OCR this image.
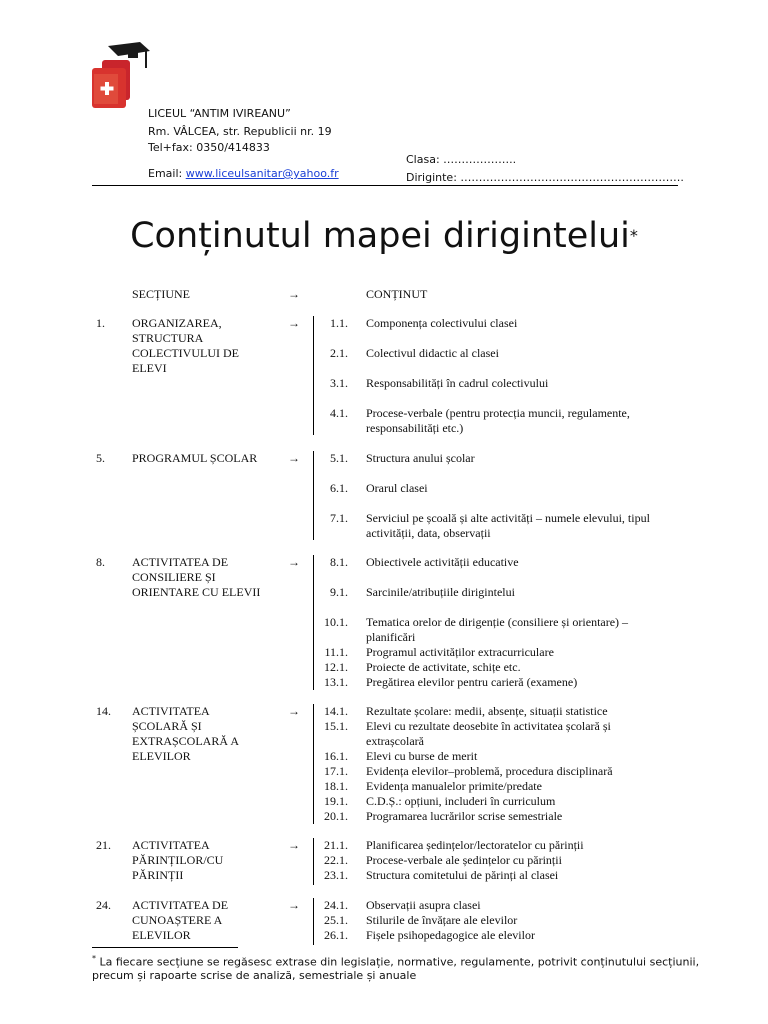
LICEUL “ANTIM IVIREANU”
Rm. VÂLCEA, str. Republicii nr. 19
Tel+fax: 0350/414833
Email: www.liceulsanitar@yahoo.fr
Clasa: ………………..
Diriginte: …………………………………………………….
Conținutul mapei dirigintelui*
SECȚIUNE	→	CONȚINUT
1. ORGANIZAREA,
STRUCTURA
COLECTIVULUI DE
ELEVI
→	1.1. Componența colectivului clasei
2.1. Colectivul didactic al clasei
3.1. Responsabilități în cadrul colectivului
4.1. Procese-verbale (pentru protecția muncii, regulamente,
responsabilități etc.)
5. PROGRAMUL ȘCOLAR	→	5.1. Structura anului școlar
6.1. Orarul clasei
7.1. Serviciul pe școală și alte activități – numele elevului, tipul
activității, data, observații
8. ACTIVITATEA DE
CONSILIERE ȘI
ORIENTARE CU ELEVII
→	8.1. Obiectivele activității educative
9.1. Sarcinile/atribuțiile dirigintelui
10.1. Tematica orelor de dirigenție (consiliere și orientare) –
planificări
11.1. Programul activităților extracurriculare
12.1. Proiecte de activitate, schițe etc.
13.1. Pregătirea elevilor pentru carieră (examene)
14. ACTIVITATEA
ȘCOLARĂ ȘI
EXTRAȘCOLARĂ A
ELEVILOR
→	14.1. Rezultate școlare: medii, absențe, situații statistice
15.1. Elevi cu rezultate deosebite în activitatea școlară și
extrașcolară
16.1. Elevi cu burse de merit
17.1. Evidența elevilor–problemă, procedura disciplinară
18.1. Evidența manualelor primite/predate
19.1. C.D.Ș.: opțiuni, includeri în curriculum
20.1. Programarea lucrărilor scrise semestriale
21. ACTIVITATEA
PĂRINȚILOR/CU
PĂRINȚII
→	21.1. Planificarea ședințelor/lectoratelor cu părinții
22.1. Procese-verbale ale ședințelor cu părinții
23.1. Structura comitetului de părinți al clasei
24. ACTIVITATEA DE
CUNOAȘTERE A
ELEVILOR
→	24.1. Observații asupra clasei
25.1. Stilurile de învățare ale elevilor
26.1. Fișele psihopedagogice ale elevilor
* La fiecare secțiune se regăsesc extrase din legislație, normative, regulamente, potrivit conținutului secțiunii,
precum și rapoarte scrise de analiză, semestriale și anuale
